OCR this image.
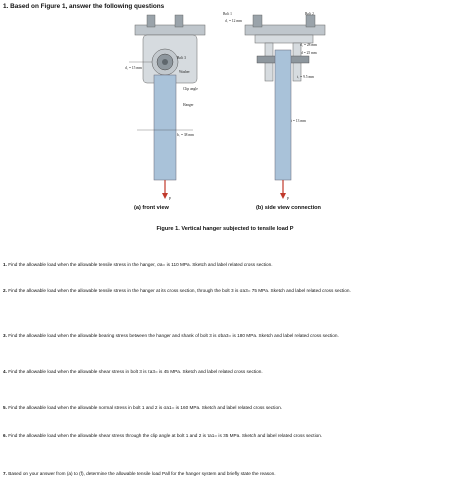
1. Based on Figure 1, answer the following questions
Bolt 1	Bolt 2
d₁ = 12 mm
d₂ = 28 mm
d = 25 mm
Bolt 3
Washer
t₁ = 9.5 mm
Clip angle
Hanger
t = 13 mm
b₁ = 38 mm
d₃ = 15 mm
P	P
(a) front view	(b) side view connection
Figure 1. Vertical hanger subjected to tensile load P
1. Find the allowable load when the allowable tensile stress in the hanger, σa= is 110 MPa. Sketch and label related cross section.
2. Find the allowable load when the allowable tensile stress in the hanger at its cross section, through the bolt 3 is σa3= 75 MPa. Sketch and label related cross section.
3. Find the allowable load when the allowable bearing stress between the hanger and shank of bolt 3 is σba3= is 180 MPa. Sketch and label related cross section.
4. Find the allowable load when the allowable shear stress in bolt 3 is τa3= is 45 MPa. Sketch and label related cross section.
5. Find the allowable load when the allowable normal stress in bolt 1 and 2 is σa1= is 160 MPa. Sketch and label related cross section.
6. Find the allowable load when the allowable shear stress through the clip angle at bolt 1 and 2 is τa1= is 35 MPa. Sketch and label related cross section.
7. Based on your answer from (a) to (f), determine the allowable tensile load Pall for the hanger system and briefly state the reason.
